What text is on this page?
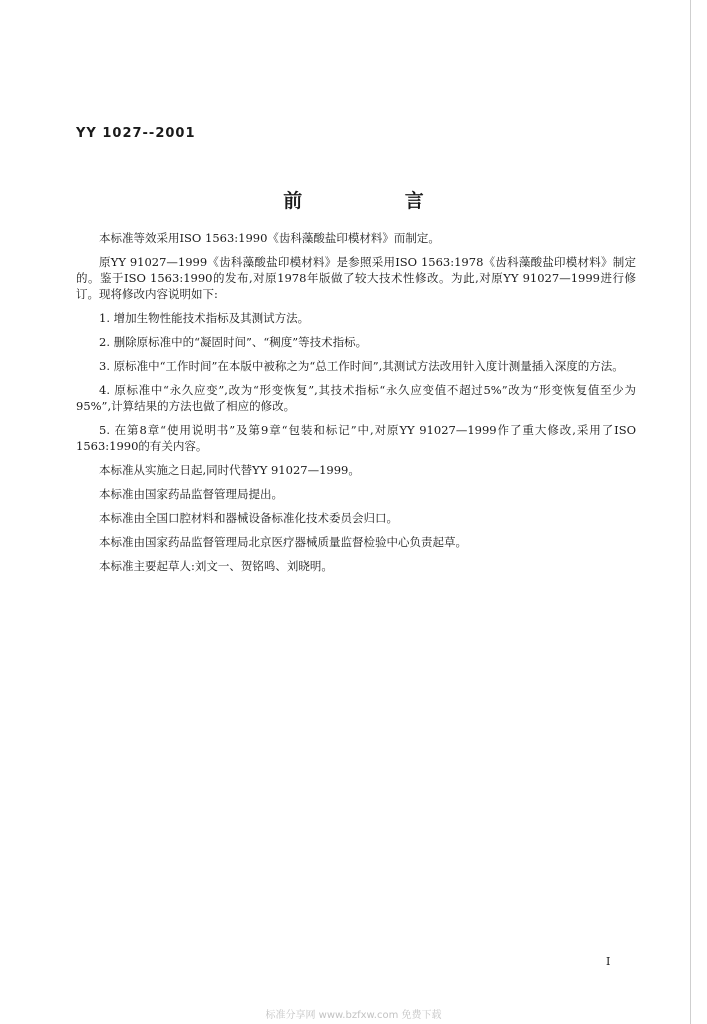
YY 1027--2001
前 言

本标准等效采用ISO 1563:1990《齿科藻酸盐印模材料》而制定。

原YY 91027—1999《齿科藻酸盐印模材料》是参照采用ISO 1563:1978《齿科藻酸盐印模材料》制定的。鉴于ISO 1563:1990的发布,对原1978年版做了较大技术性修改。为此,对原YY 91027—1999进行修订。现将修改内容说明如下:

1. 增加生物性能技术指标及其测试方法。

2. 删除原标准中的“凝固时间”、“稠度”等技术指标。

3. 原标准中“工作时间”在本版中被称之为“总工作时间”,其测试方法改用针入度计测量插入深度的方法。

4. 原标准中“永久应变”,改为“形变恢复”,其技术指标“永久应变值不超过5%”改为“形变恢复值至少为95%”,计算结果的方法也做了相应的修改。

5. 在第8章“使用说明书”及第9章“包装和标记”中,对原YY 91027—1999作了重大修改,采用了ISO 1563:1990的有关内容。

本标准从实施之日起,同时代替YY 91027—1999。

本标准由国家药品监督管理局提出。

本标准由全国口腔材料和器械设备标准化技术委员会归口。

本标准由国家药品监督管理局北京医疗器械质量监督检验中心负责起草。

本标准主要起草人:刘文一、贺铭鸣、刘晓明。

I
标准分享网 www.bzfxw.com 免费下载
